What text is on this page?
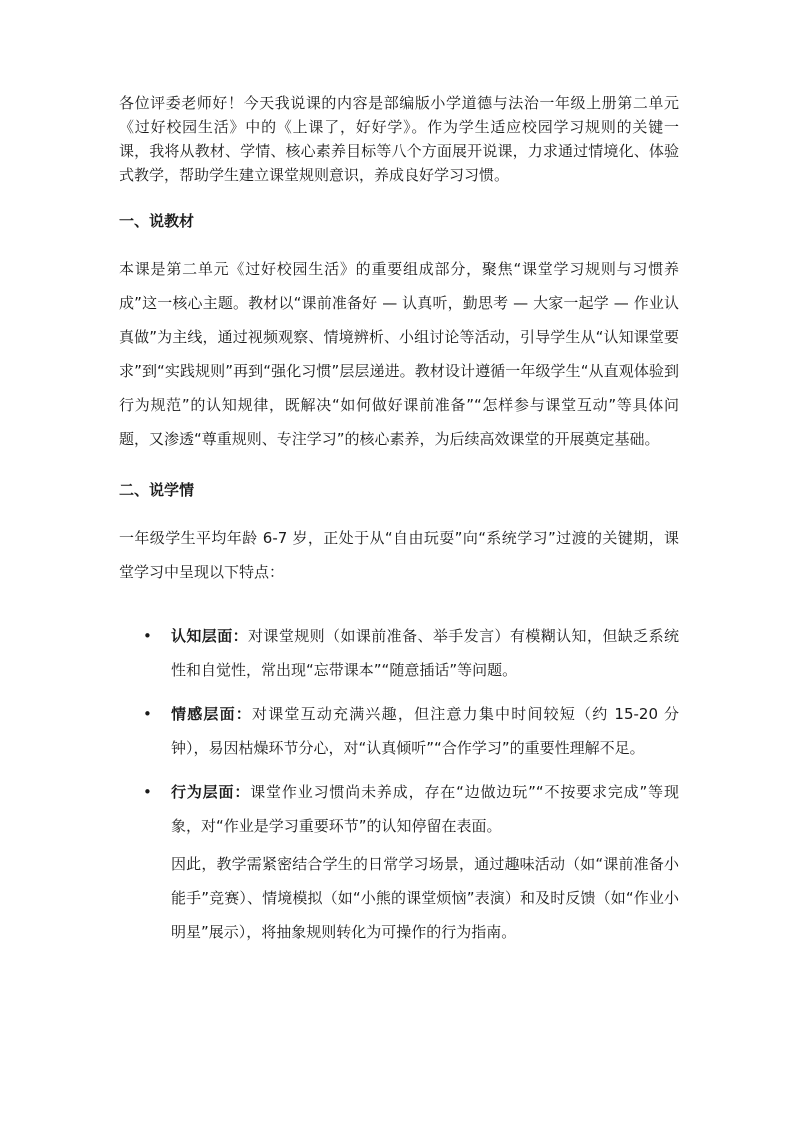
各位评委老师好！今天我说课的内容是部编版小学道德与法治一年级上册第二单元《过好校园生活》中的《上课了，好好学》。作为学生适应校园学习规则的关键一课，我将从教材、学情、核心素养目标等八个方面展开说课，力求通过情境化、体验式教学，帮助学生建立课堂规则意识，养成良好学习习惯。

一、说教材

本课是第二单元《过好校园生活》的重要组成部分，聚焦“课堂学习规则与习惯养成”这一核心主题。教材以“课前准备好 — 认真听，勤思考 — 大家一起学 — 作业认真做”为主线，通过视频观察、情境辨析、小组讨论等活动，引导学生从“认知课堂要求”到“实践规则”再到“强化习惯”层层递进。教材设计遵循一年级学生“从直观体验到行为规范”的认知规律，既解决“如何做好课前准备”“怎样参与课堂互动”等具体问题，又渗透“尊重规则、专注学习”的核心素养，为后续高效课堂的开展奠定基础。

二、说学情

一年级学生平均年龄 6-7 岁，正处于从“自由玩耍”向“系统学习”过渡的关键期，课堂学习中呈现以下特点：

• 认知层面：对课堂规则（如课前准备、举手发言）有模糊认知，但缺乏系统性和自觉性，常出现“忘带课本”“随意插话”等问题。
• 情感层面：对课堂互动充满兴趣，但注意力集中时间较短（约 15-20 分钟），易因枯燥环节分心，对“认真倾听”“合作学习”的重要性理解不足。
• 行为层面：课堂作业习惯尚未养成，存在“边做边玩”“不按要求完成”等现象，对“作业是学习重要环节”的认知停留在表面。

因此，教学需紧密结合学生的日常学习场景，通过趣味活动（如“课前准备小能手”竞赛）、情境模拟（如“小熊的课堂烦恼”表演）和及时反馈（如“作业小明星”展示），将抽象规则转化为可操作的行为指南。
